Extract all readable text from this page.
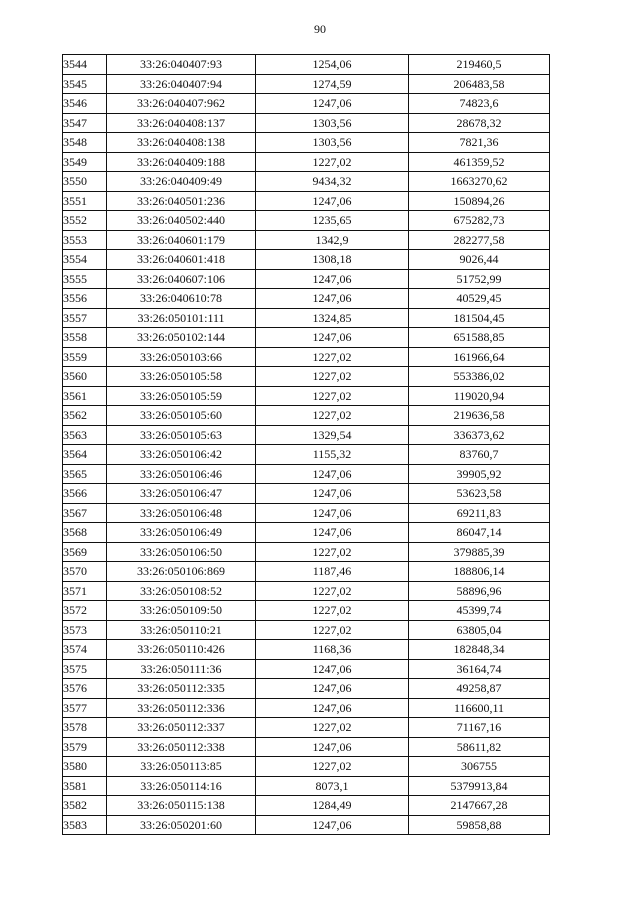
90
3544	33:26:040407:93	1254,06	219460,5
3545	33:26:040407:94	1274,59	206483,58
3546	33:26:040407:962	1247,06	74823,6
3547	33:26:040408:137	1303,56	28678,32
3548	33:26:040408:138	1303,56	7821,36
3549	33:26:040409:188	1227,02	461359,52
3550	33:26:040409:49	9434,32	1663270,62
3551	33:26:040501:236	1247,06	150894,26
3552	33:26:040502:440	1235,65	675282,73
3553	33:26:040601:179	1342,9	282277,58
3554	33:26:040601:418	1308,18	9026,44
3555	33:26:040607:106	1247,06	51752,99
3556	33:26:040610:78	1247,06	40529,45
3557	33:26:050101:111	1324,85	181504,45
3558	33:26:050102:144	1247,06	651588,85
3559	33:26:050103:66	1227,02	161966,64
3560	33:26:050105:58	1227,02	553386,02
3561	33:26:050105:59	1227,02	119020,94
3562	33:26:050105:60	1227,02	219636,58
3563	33:26:050105:63	1329,54	336373,62
3564	33:26:050106:42	1155,32	83760,7
3565	33:26:050106:46	1247,06	39905,92
3566	33:26:050106:47	1247,06	53623,58
3567	33:26:050106:48	1247,06	69211,83
3568	33:26:050106:49	1247,06	86047,14
3569	33:26:050106:50	1227,02	379885,39
3570	33:26:050106:869	1187,46	188806,14
3571	33:26:050108:52	1227,02	58896,96
3572	33:26:050109:50	1227,02	45399,74
3573	33:26:050110:21	1227,02	63805,04
3574	33:26:050110:426	1168,36	182848,34
3575	33:26:050111:36	1247,06	36164,74
3576	33:26:050112:335	1247,06	49258,87
3577	33:26:050112:336	1247,06	116600,11
3578	33:26:050112:337	1227,02	71167,16
3579	33:26:050112:338	1247,06	58611,82
3580	33:26:050113:85	1227,02	306755
3581	33:26:050114:16	8073,1	5379913,84
3582	33:26:050115:138	1284,49	2147667,28
3583	33:26:050201:60	1247,06	59858,88
